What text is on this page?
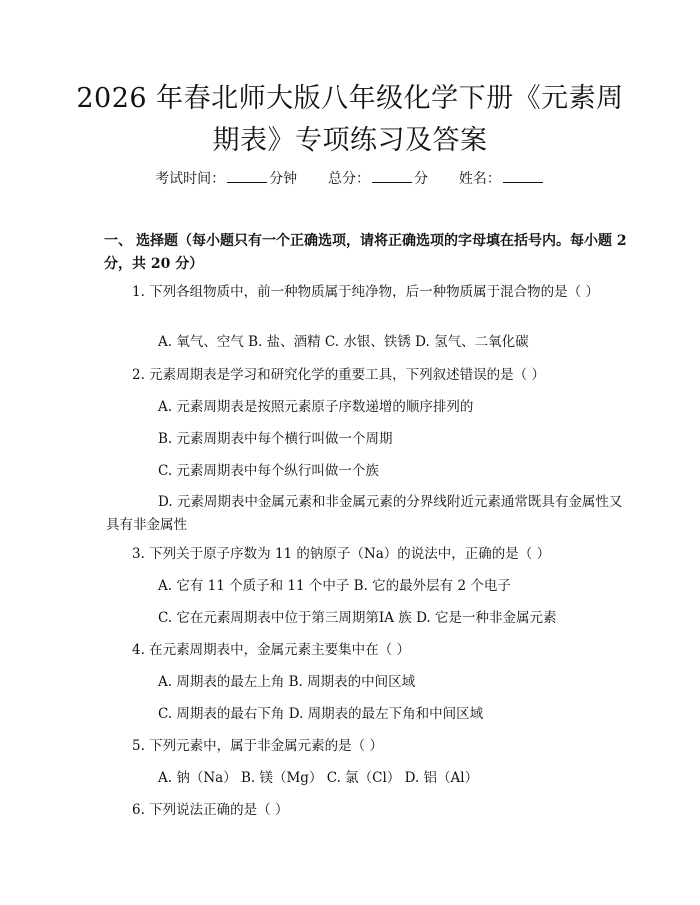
2026 年春北师大版八年级化学下册《元素周
期表》专项练习及答案
考试时间：	分钟 总分：	分 姓名：
一、 选择题（每小题只有一个正确选项，请将正确选项的字母填在括号内。每小题 2 分，共 20 分）
1. 下列各组物质中，前一种物质属于纯净物，后一种物质属于混合物的是（ ）
A. 氧气、空气 B. 盐、酒精 C. 水银、铁锈 D. 氢气、二氧化碳
2. 元素周期表是学习和研究化学的重要工具，下列叙述错误的是（ ）
A. 元素周期表是按照元素原子序数递增的顺序排列的
B. 元素周期表中每个横行叫做一个周期
C. 元素周期表中每个纵行叫做一个族
D. 元素周期表中金属元素和非金属元素的分界线附近元素通常既具有金属性又具有非金属性
3. 下列关于原子序数为 11 的钠原子（Na）的说法中，正确的是（ ）
A. 它有 11 个质子和 11 个中子 B. 它的最外层有 2 个电子
C. 它在元素周期表中位于第三周期第ⅠA 族 D. 它是一种非金属元素
4. 在元素周期表中，金属元素主要集中在（ ）
A. 周期表的最左上角 B. 周期表的中间区域
C. 周期表的最右下角 D. 周期表的最左下角和中间区域
5. 下列元素中，属于非金属元素的是（ ）
A. 钠（Na） B. 镁（Mg） C. 氯（Cl） D. 铝（Al）
6. 下列说法正确的是（ ）
